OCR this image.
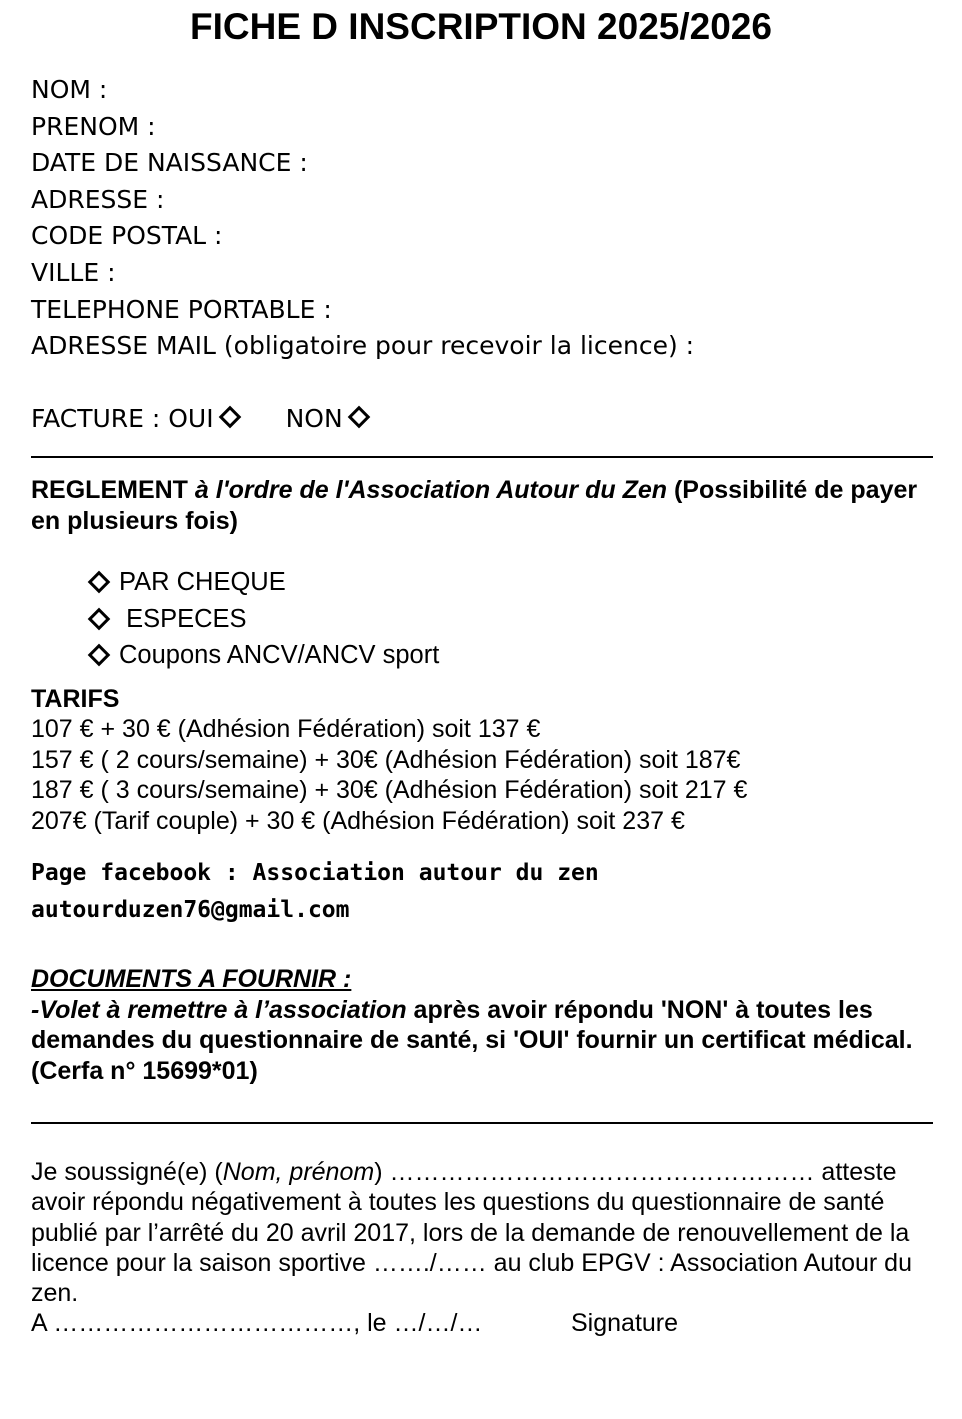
FICHE D INSCRIPTION 2025/2026
NOM :
PRENOM :
DATE DE NAISSANCE :
ADRESSE :
CODE POSTAL :
VILLE :
TELEPHONE PORTABLE :
ADRESSE MAIL (obligatoire pour recevoir la licence) :
FACTURE : OUI	NON
REGLEMENT à l'ordre de l'Association Autour du Zen (Possibilité de payer en plusieurs fois)
PAR CHEQUE
ESPECES
Coupons ANCV/ANCV sport
TARIFS
107 € + 30 € (Adhésion Fédération) soit 137 €
157 € ( 2 cours/semaine) + 30€ (Adhésion Fédération) soit 187€
187 € ( 3 cours/semaine) + 30€ (Adhésion Fédération) soit 217 €
207€ (Tarif couple) + 30 € (Adhésion Fédération) soit 237 €
Page facebook : Association autour du zen
autourduzen76@gmail.com
DOCUMENTS A FOURNIR :
-Volet à remettre à l’association après avoir répondu 'NON' à toutes les demandes du questionnaire de santé, si 'OUI' fournir un certificat médical. (Cerfa n° 15699*01)
Je soussigné(e) (Nom, prénom) …………………………………………… atteste avoir répondu négativement à toutes les questions du questionnaire de santé publié par l’arrêté du 20 avril 2017, lors de la demande de renouvellement de la licence pour la saison sportive ……./…… au club EPGV : Association Autour du zen.
A ………………………………, le …/…/…	Signature
